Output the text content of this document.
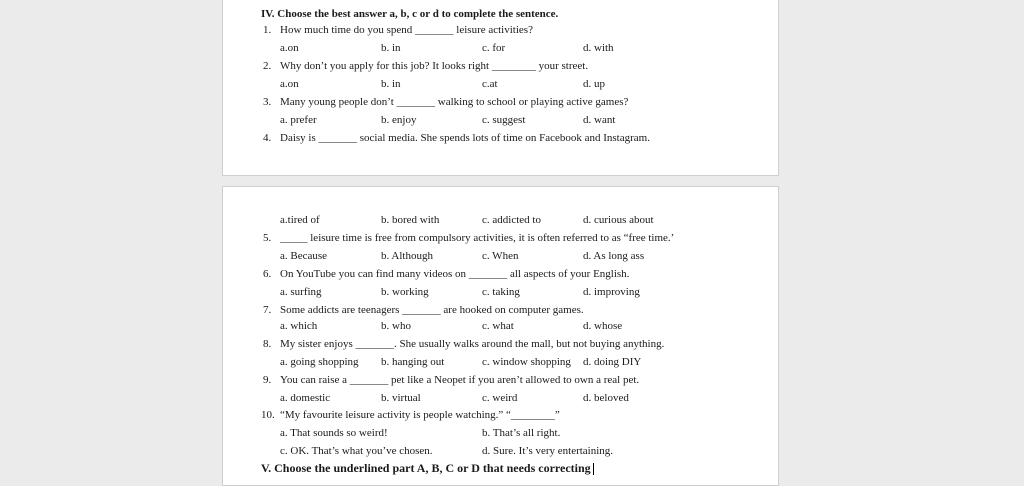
IV. Choose the best answer a, b, c or d to complete the sentence.
1. How much time do you spend _______ leisure activities?
a.on	b. in	c. for	d. with
2. Why don’t you apply for this job? It looks right ________ your street.
a.on	b. in	c.at	d. up
3. Many young people don’t _______ walking to school or playing active games?
a. prefer	b. enjoy	c. suggest	d. want
4. Daisy is _______ social media. She spends lots of time on Facebook and Instagram.
a.tired of	b. bored with	c. addicted to	d. curious about
5. _____ leisure time is free from compulsory activities, it is often referred to as “free time.’
a. Because	b. Although	c. When	d. As long ass
6. On YouTube you can find many videos on _______ all aspects of your English.
a. surfing	b. working	c. taking	d. improving
7. Some addicts are teenagers _______ are hooked on computer games.
a. which	b. who	c. what	d. whose
8. My sister enjoys _______. She usually walks around the mall, but not buying anything.
a. going shopping b. hanging out	c. window shopping d. doing DIY
9. You can raise a _______ pet like a Neopet if you aren’t allowed to own a real pet.
a. domestic	b. virtual	c. weird	d. beloved
10. “My favourite leisure activity is people watching.” “________”
a. That sounds so weird!	b. That’s all right.
c. OK. That’s what you’ve chosen.	d. Sure. It’s very entertaining.
V. Choose the underlined part A, B, C or D that needs correcting
